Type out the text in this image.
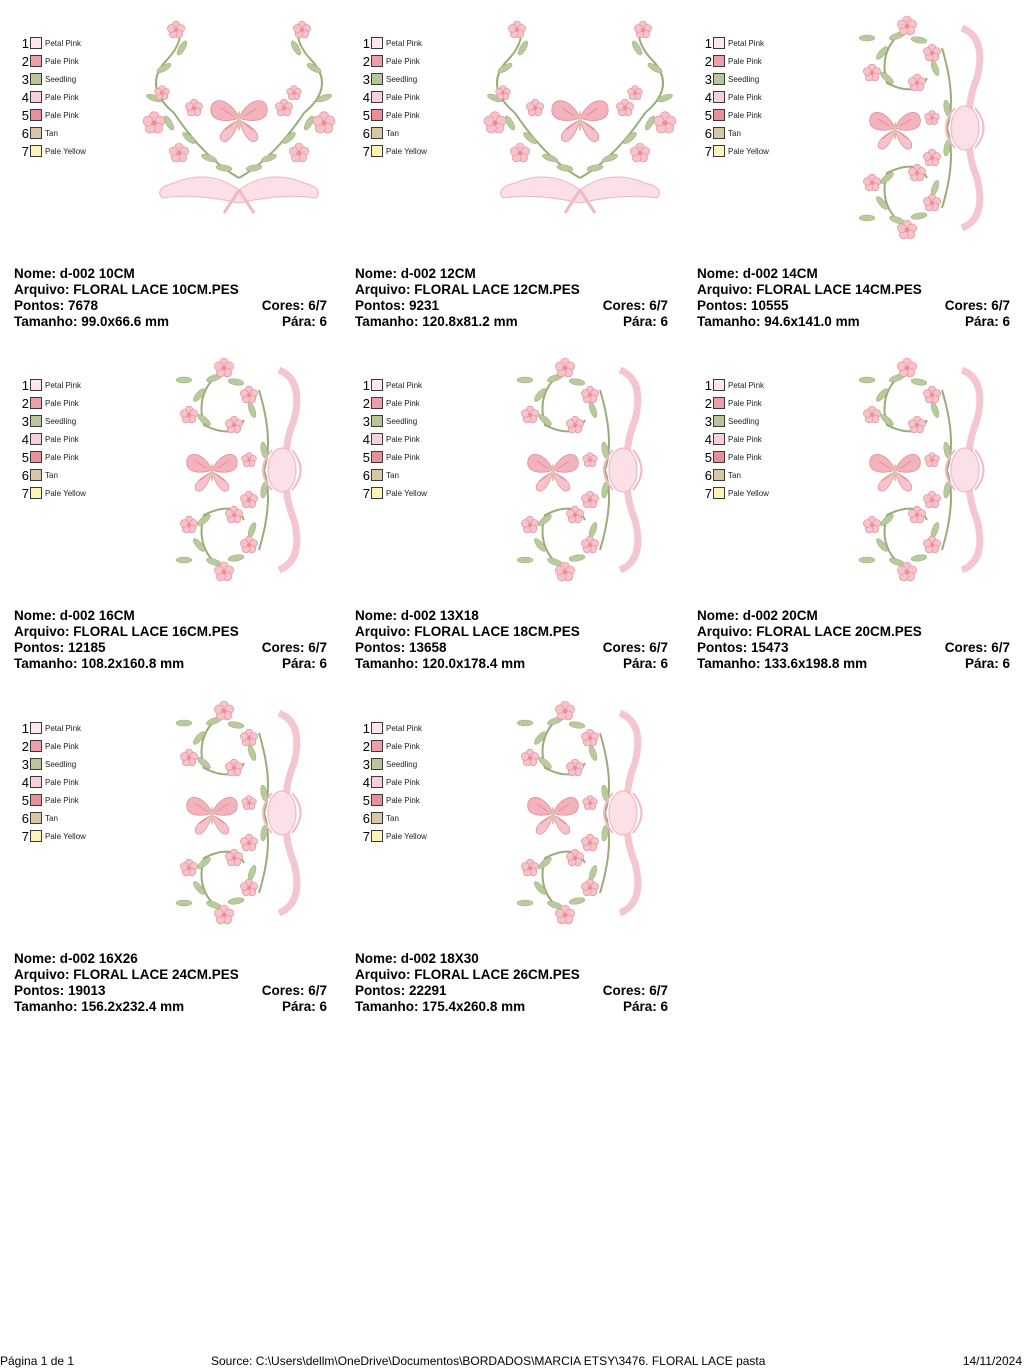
1 Petal Pink
2 Pale Pink
3 Seedling
4 Pale Pink
5 Pale Pink
6 Tan
7 Pale Yellow
Nome: d-002 10CM
Arquivo: FLORAL LACE 10CM.PES
Pontos: 7678	Cores: 6/7
Tamanho: 99.0x66.6 mm	Pára: 6
1 Petal Pink
2 Pale Pink
3 Seedling
4 Pale Pink
5 Pale Pink
6 Tan
7 Pale Yellow
Nome: d-002 12CM
Arquivo: FLORAL LACE 12CM.PES
Pontos: 9231	Cores: 6/7
Tamanho: 120.8x81.2 mm	Pára: 6
1 Petal Pink
2 Pale Pink
3 Seedling
4 Pale Pink
5 Pale Pink
6 Tan
7 Pale Yellow
Nome: d-002 14CM
Arquivo: FLORAL LACE 14CM.PES
Pontos: 10555	Cores: 6/7
Tamanho: 94.6x141.0 mm	Pára: 6
1 Petal Pink
2 Pale Pink
3 Seedling
4 Pale Pink
5 Pale Pink
6 Tan
7 Pale Yellow
Nome: d-002 16CM
Arquivo: FLORAL LACE 16CM.PES
Pontos: 12185	Cores: 6/7
Tamanho: 108.2x160.8 mm	Pára: 6
1 Petal Pink
2 Pale Pink
3 Seedling
4 Pale Pink
5 Pale Pink
6 Tan
7 Pale Yellow
Nome: d-002 13X18
Arquivo: FLORAL LACE 18CM.PES
Pontos: 13658	Cores: 6/7
Tamanho: 120.0x178.4 mm	Pára: 6
1 Petal Pink
2 Pale Pink
3 Seedling
4 Pale Pink
5 Pale Pink
6 Tan
7 Pale Yellow
Nome: d-002 20CM
Arquivo: FLORAL LACE 20CM.PES
Pontos: 15473	Cores: 6/7
Tamanho: 133.6x198.8 mm	Pára: 6
1 Petal Pink
2 Pale Pink
3 Seedling
4 Pale Pink
5 Pale Pink
6 Tan
7 Pale Yellow
Nome: d-002 16X26
Arquivo: FLORAL LACE 24CM.PES
Pontos: 19013	Cores: 6/7
Tamanho: 156.2x232.4 mm	Pára: 6
1 Petal Pink
2 Pale Pink
3 Seedling
4 Pale Pink
5 Pale Pink
6 Tan
7 Pale Yellow
Nome: d-002 18X30
Arquivo: FLORAL LACE 26CM.PES
Pontos: 22291	Cores: 6/7
Tamanho: 175.4x260.8 mm	Pára: 6
Página 1 de 1	Source: C:\Users\dellm\OneDrive\Documentos\BORDADOS\MARCIA ETSY\3476. FLORAL LACE pasta	14/11/2024
